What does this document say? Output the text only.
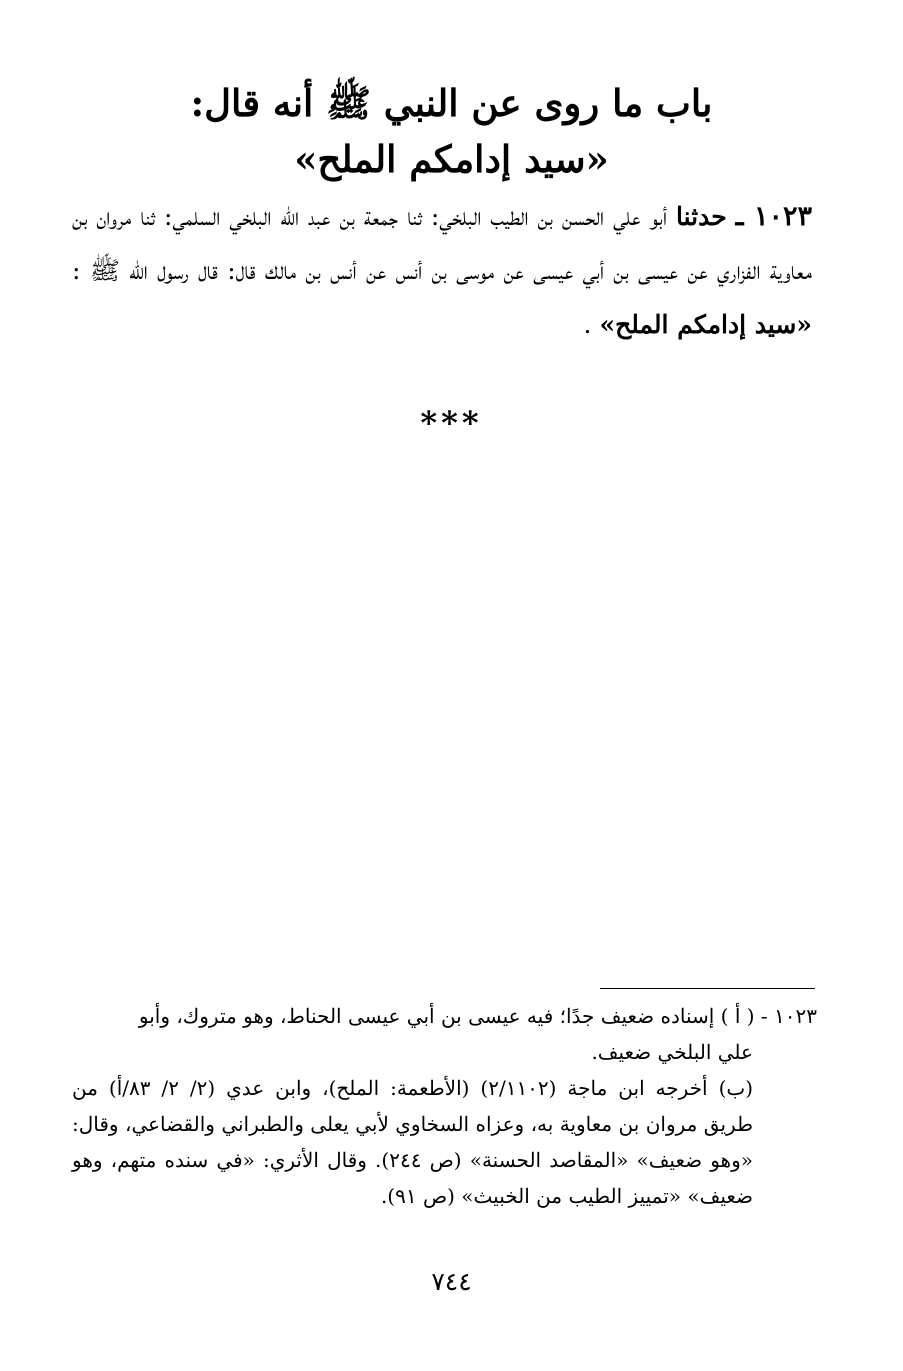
باب ما روى عن النبي ﷺ أنه قال:
«سيد إدامكم الملح»
١٠٢٣ ـ حدثنا أبو علي الحسن بن الطيب البلخي: ثنا جمعة بن عبد الله البلخي السلمي: ثنا مروان بن معاوية الفزاري عن عيسى بن أبي عيسى عن موسى بن أنس عن أنس بن مالك قال: قال رسول الله ﷺ : «سيد إدامكم الملح» .
***

١٠٢٣ - ( أ ) إسناده ضعيف جدًا؛ فيه عيسى بن أبي عيسى الحناط، وهو متروك، وأبو
علي البلخي ضعيف.

(ب) أخرجه ابن ماجة (٢/١١٠٢) (الأطعمة: الملح)، وابن عدي (٢/ ٢/ ٨٣/أ) من طريق مروان بن معاوية به، وعزاه السخاوي لأبي يعلى والطبراني والقضاعي، وقال: «وهو ضعيف» «المقاصد الحسنة» (ص ٢٤٤). وقال الأثري: «في سنده متهم، وهو ضعيف» «تمييز الطيب من الخبيث» (ص ٩١).

٧٤٤
